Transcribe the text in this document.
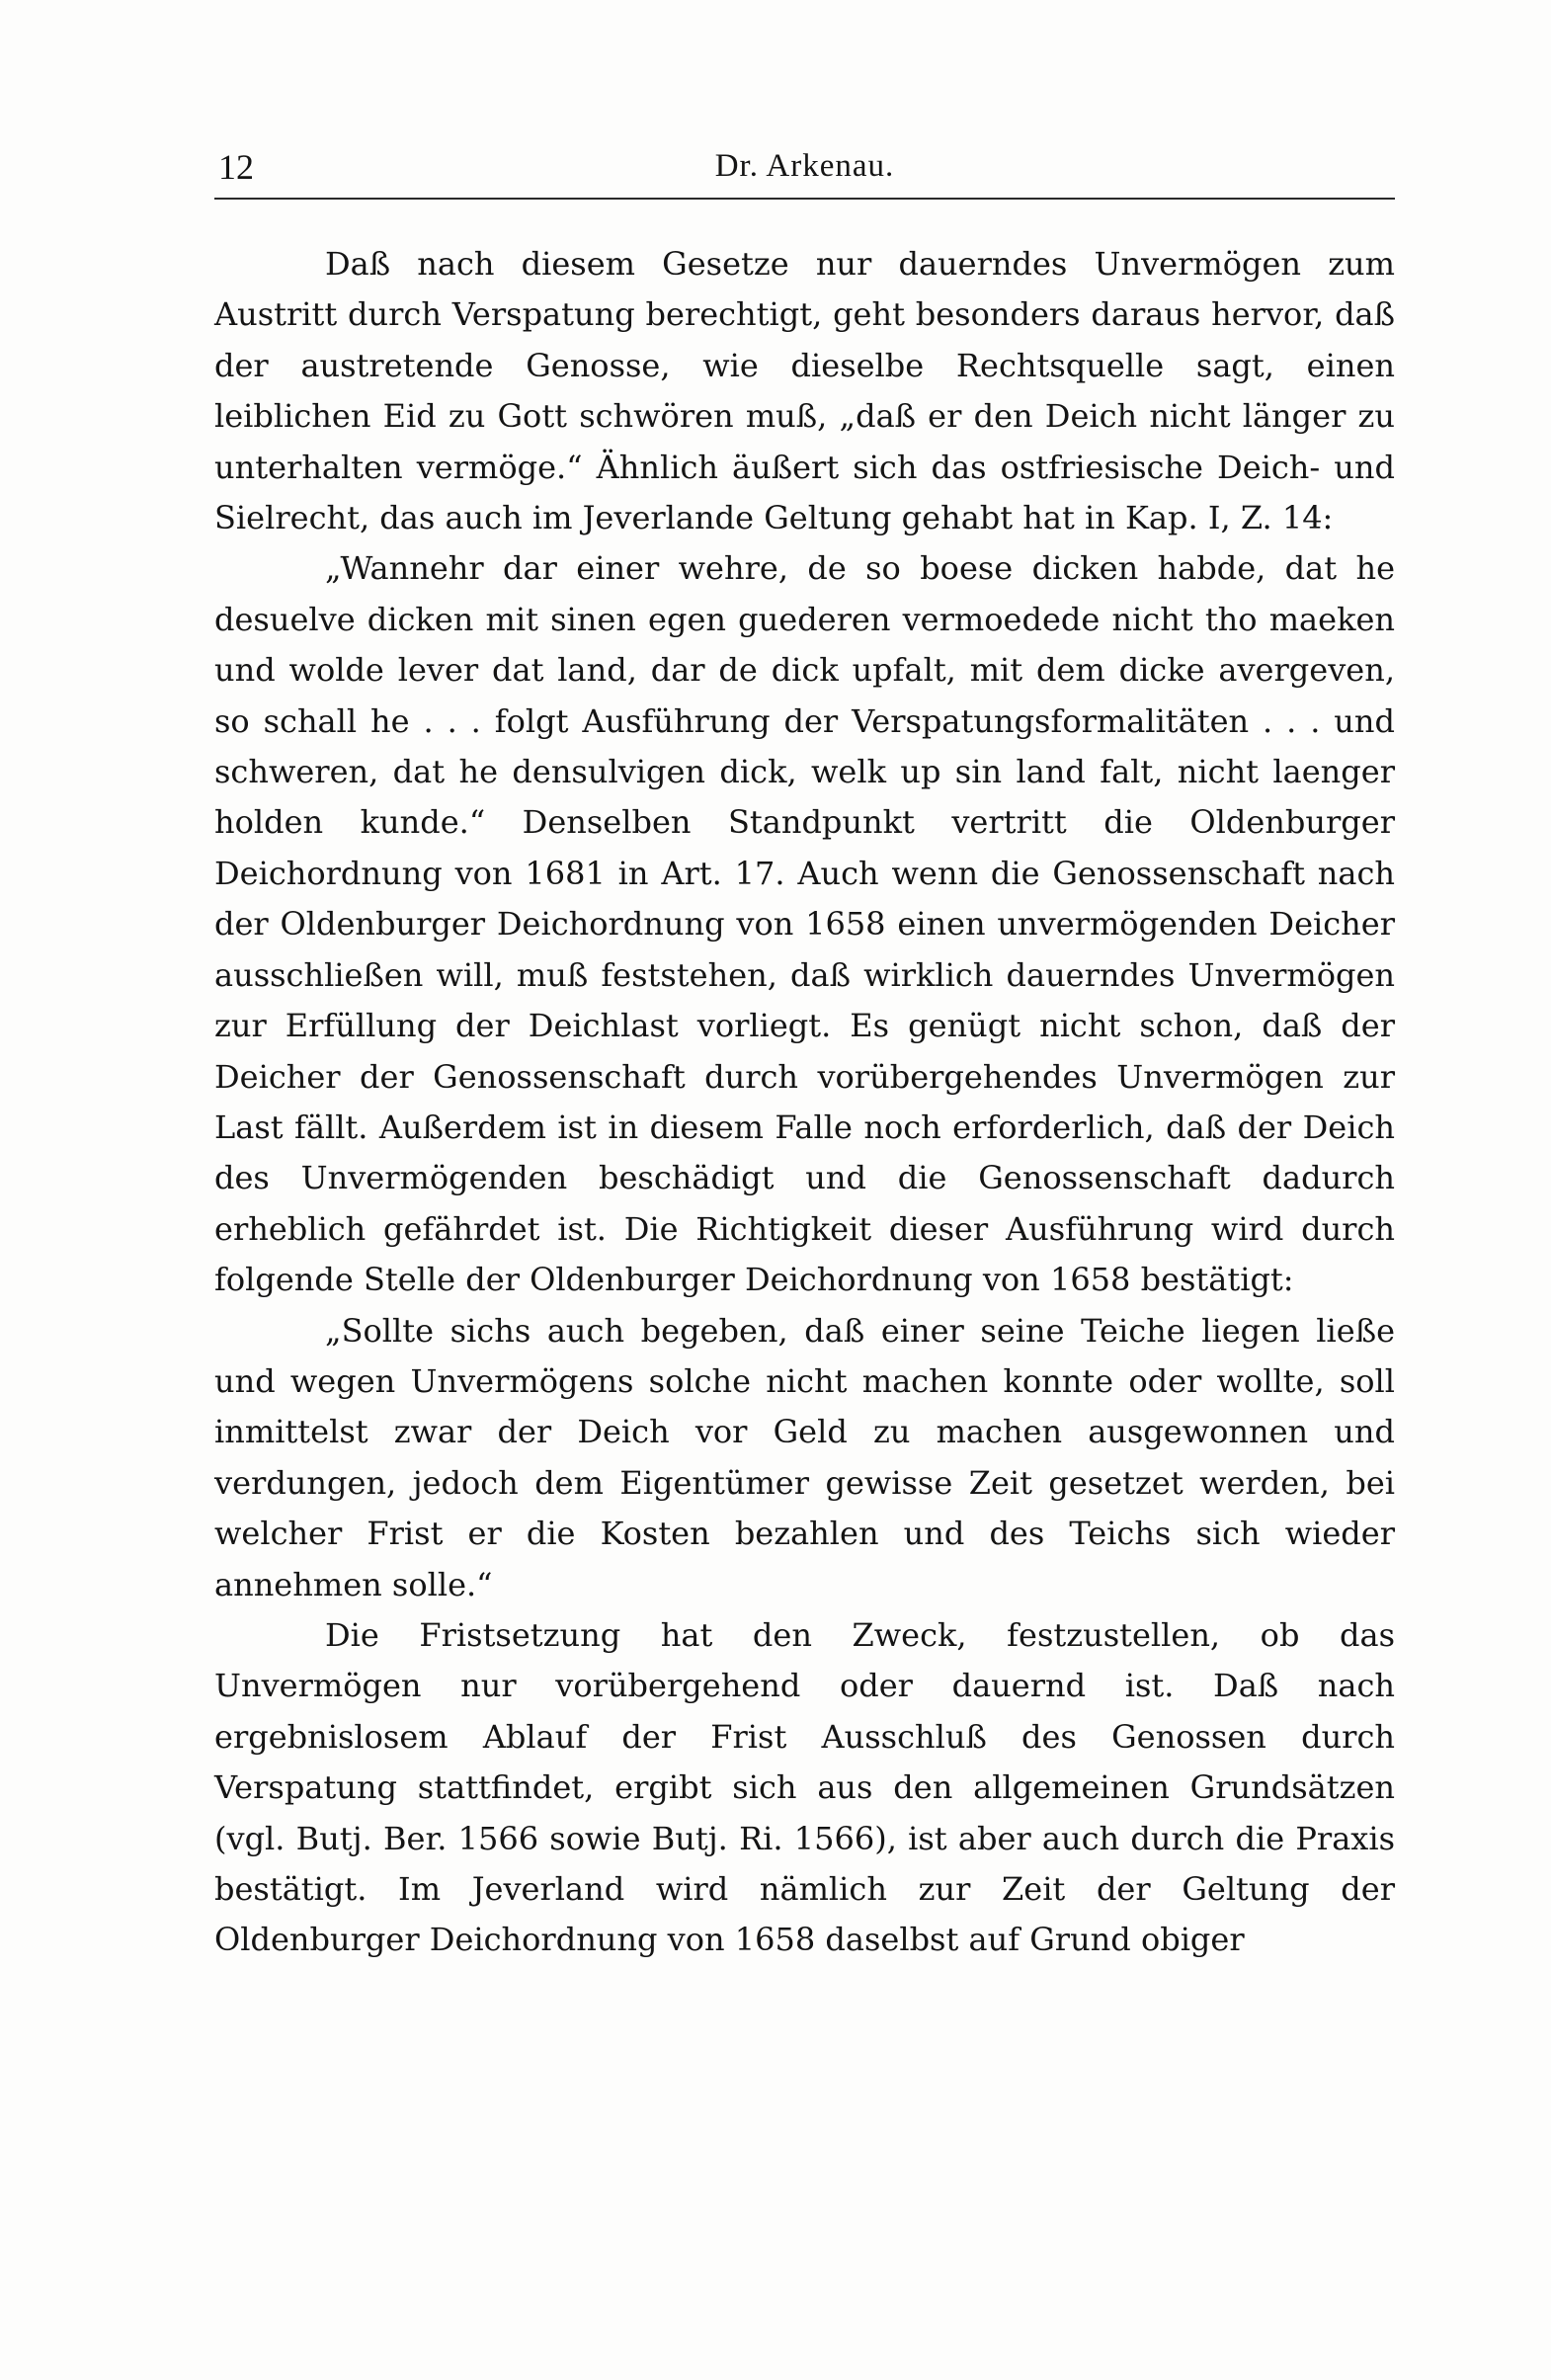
12	Dr. Arkenau.

Daß nach diesem Gesetze nur dauerndes Unvermögen zum Austritt durch Verspatung berechtigt, geht besonders daraus hervor, daß der austretende Genosse, wie dieselbe Rechtsquelle sagt, einen leiblichen Eid zu Gott schwören muß, „daß er den Deich nicht länger zu unterhalten vermöge.“ Ähnlich äußert sich das ostfriesische Deich- und Sielrecht, das auch im Jeverlande Geltung gehabt hat in Kap. I, Z. 14:

„Wannehr dar einer wehre, de so boese dicken habde, dat he desuelve dicken mit sinen egen guederen vermoedede nicht tho maeken und wolde lever dat land, dar de dick upfalt, mit dem dicke avergeven, so schall he . . . folgt Ausführung der Verspatungsformalitäten . . . und schweren, dat he densulvigen dick, welk up sin land falt, nicht laenger holden kunde.“ Denselben Standpunkt vertritt die Oldenburger Deichordnung von 1681 in Art. 17. Auch wenn die Genossenschaft nach der Oldenburger Deichordnung von 1658 einen unvermögenden Deicher ausschließen will, muß feststehen, daß wirklich dauerndes Unvermögen zur Erfüllung der Deichlast vorliegt. Es genügt nicht schon, daß der Deicher der Genossenschaft durch vorübergehendes Unvermögen zur Last fällt. Außerdem ist in diesem Falle noch erforderlich, daß der Deich des Unvermögenden beschädigt und die Genossenschaft dadurch erheblich gefährdet ist. Die Richtigkeit dieser Ausführung wird durch folgende Stelle der Oldenburger Deichordnung von 1658 bestätigt:

„Sollte sichs auch begeben, daß einer seine Teiche liegen ließe und wegen Unvermögens solche nicht machen konnte oder wollte, soll inmittelst zwar der Deich vor Geld zu machen ausgewonnen und verdungen, jedoch dem Eigentümer gewisse Zeit gesetzet werden, bei welcher Frist er die Kosten bezahlen und des Teichs sich wieder annehmen solle.“

Die Fristsetzung hat den Zweck, festzustellen, ob das Unvermögen nur vorübergehend oder dauernd ist. Daß nach ergebnislosem Ablauf der Frist Ausschluß des Genossen durch Verspatung stattfindet, ergibt sich aus den allgemeinen Grundsätzen (vgl. Butj. Ber. 1566 sowie Butj. Ri. 1566), ist aber auch durch die Praxis bestätigt. Im Jeverland wird nämlich zur Zeit der Geltung der Oldenburger Deichordnung von 1658 daselbst auf Grund obiger
